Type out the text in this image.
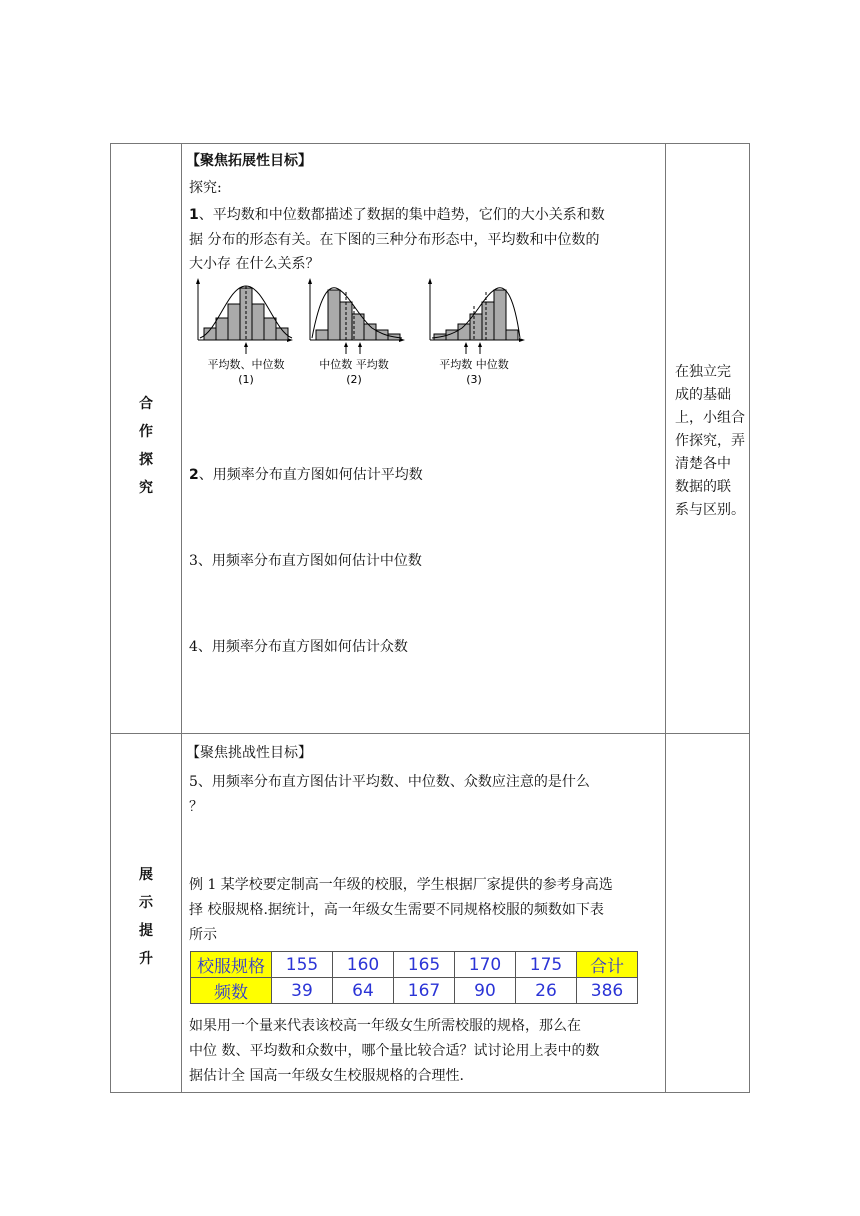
合
作
探
究
【聚焦拓展性目标】
探究:
1、平均数和中位数都描述了数据的集中趋势，它们的大小关系和数
据 分布的形态有关。在下图的三种分布形态中，平均数和中位数的
大小存 在什么关系？
平均数、中位数
(1)
中位数 平均数
(2)
平均数 中位数
(3)
2、用频率分布直方图如何估计平均数
3、用频率分布直方图如何估计中位数
4、用频率分布直方图如何估计众数
在独立完
成的基础
上，小组合
作探究，弄
清楚各中
数据的联
系与区别。
展
示
提
升
【聚焦挑战性目标】
5、用频率分布直方图估计平均数、中位数、众数应注意的是什么
？
例 1 某学校要定制高一年级的校服，学生根据厂家提供的参考身高选
择 校服规格.据统计，高一年级女生需要不同规格校服的频数如下表
所示
校服规格	155	160	165	170	175	合计
频数	39	64	167	90	26	386
如果用一个量来代表该校高一年级女生所需校服的规格，那么在
中位 数、平均数和众数中，哪个量比较合适？试讨论用上表中的数
据估计全 国高一年级女生校服规格的合理性.
